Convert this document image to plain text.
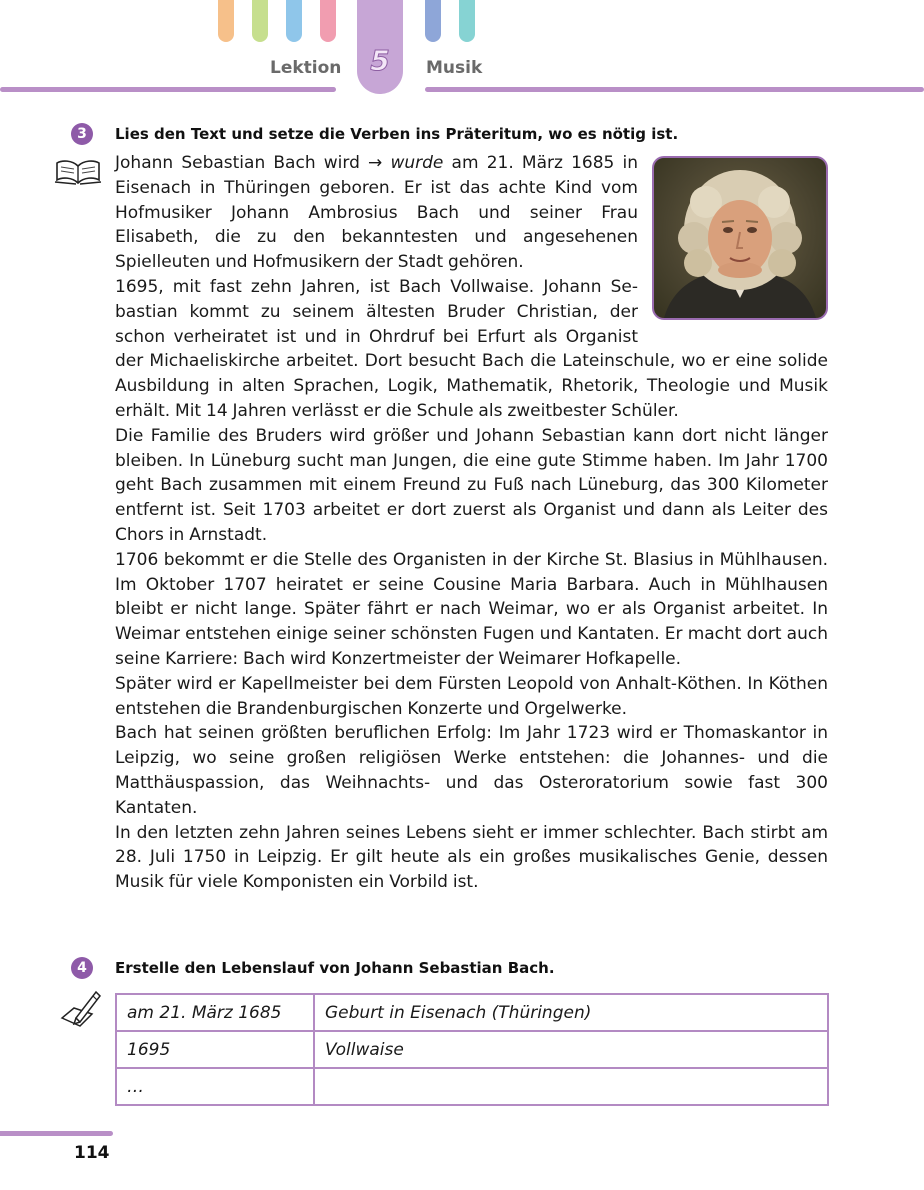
Lektion	5	Musik
3	Lies den Text und setze die Verben ins Präteritum, wo es nötig ist.

Johann Sebastian Bach wird → wurde am 21. März 1685 in Eisenach in Thüringen geboren. Er ist das achte Kind vom Hofmusiker Johann Ambrosius Bach und seiner Frau Elisabeth, die zu den bekanntesten und angesehenen Spielleuten und Hofmusikern der Stadt gehören.

1695, mit fast zehn Jahren, ist Bach Vollwaise. Johann Sebastian kommt zu seinem ältesten Bruder Christian, der schon verheiratet ist und in Ohrdruf bei Erfurt als Organist der Michaeliskirche arbeitet. Dort besucht Bach die Lateinschule, wo er eine solide Ausbildung in alten Sprachen, Logik, Mathematik, Rhetorik, Theologie und Musik erhält. Mit 14 Jahren verlässt er die Schule als zweitbester Schüler.

Die Familie des Bruders wird größer und Johann Sebastian kann dort nicht länger bleiben. In Lüneburg sucht man Jungen, die eine gute Stimme haben. Im Jahr 1700 geht Bach zusammen mit einem Freund zu Fuß nach Lüneburg, das 300 Kilometer entfernt ist. Seit 1703 arbeitet er dort zuerst als Organist und dann als Leiter des Chors in Arnstadt.

1706 bekommt er die Stelle des Organisten in der Kirche St. Blasius in Mühlhausen. Im Oktober 1707 heiratet er seine Cousine Maria Barbara. Auch in Mühlhausen bleibt er nicht lange. Später fährt er nach Weimar, wo er als Organist arbeitet. In Weimar entstehen einige seiner schönsten Fugen und Kantaten. Er macht dort auch seine Karriere: Bach wird Konzertmeister der Weimarer Hofkapelle.

Später wird er Kapellmeister bei dem Fürsten Leopold von Anhalt-Köthen. In Köthen entstehen die Brandenburgischen Konzerte und Orgelwerke.

Bach hat seinen größten beruflichen Erfolg: Im Jahr 1723 wird er Thomaskantor in Leipzig, wo seine großen religiösen Werke entstehen: die Johannes- und die Matthäuspassion, das Weihnachts- und das Osteroratorium sowie fast 300 Kantaten.

In den letzten zehn Jahren seines Lebens sieht er immer schlechter. Bach stirbt am 28. Juli 1750 in Leipzig. Er gilt heute als ein großes musikalisches Genie, dessen Musik für viele Komponisten ein Vorbild ist.

4	Erstelle den Lebenslauf von Johann Sebastian Bach.
am 21. März 1685	Geburt in Eisenach (Thüringen)
1695	Vollwaise
…	
114
